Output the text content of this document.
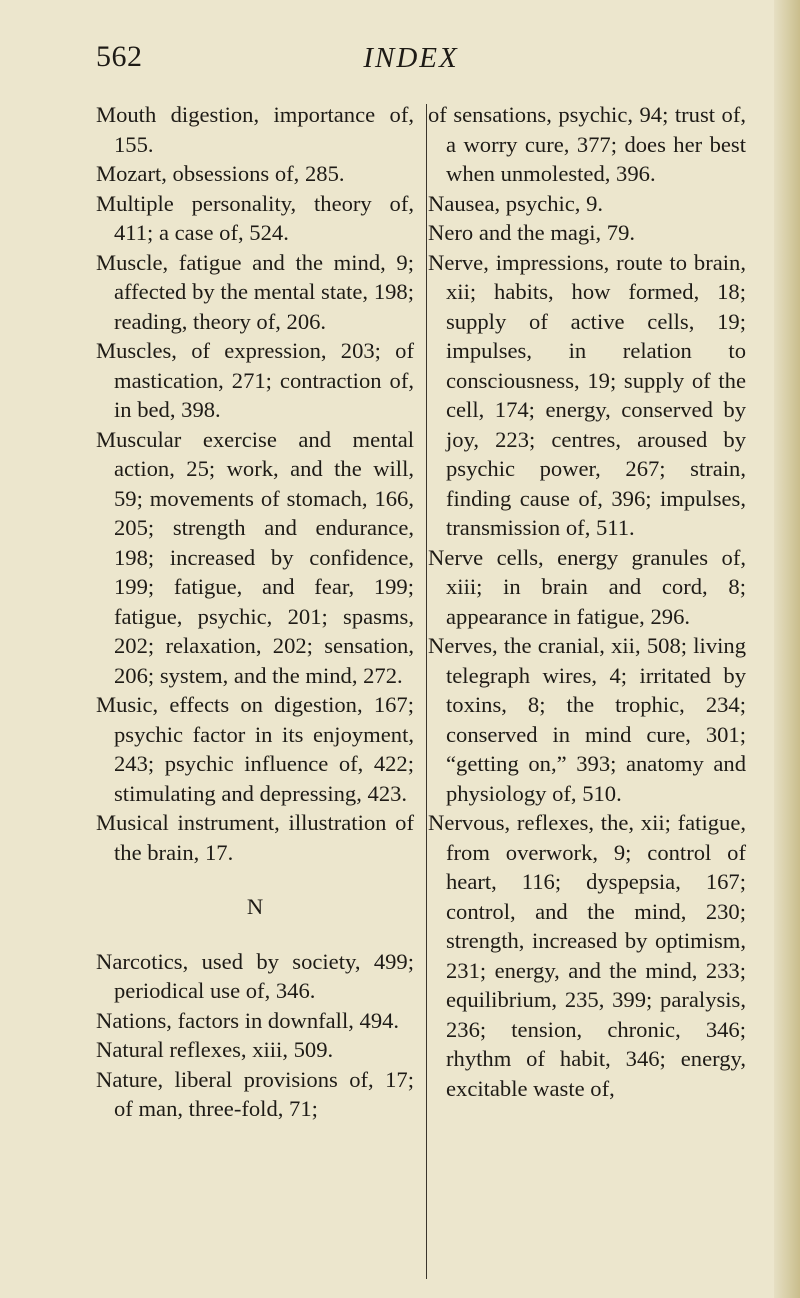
562	INDEX

Mouth digestion, importance of, 155.

Mozart, obsessions of, 285.

Multiple personality, theory of, 411; a case of, 524.

Muscle, fatigue and the mind, 9; affected by the mental state, 198; reading, theory of, 206.

Muscles, of expression, 203; of mastication, 271; contraction of, in bed, 398.

Muscular exercise and mental action, 25; work, and the will, 59; movements of stomach, 166, 205; strength and endurance, 198; increased by confidence, 199; fatigue, and fear, 199; fatigue, psychic, 201; spasms, 202; relaxation, 202; sensation, 206; system, and the mind, 272.

Music, effects on digestion, 167; psychic factor in its enjoyment, 243; psychic influence of, 422; stimulating and depressing, 423.

Musical instrument, illustration of the brain, 17.

N

Narcotics, used by society, 499; periodical use of, 346.

Nations, factors in downfall, 494.

Natural reflexes, xiii, 509.

Nature, liberal provisions of, 17; of man, three-fold, 71;

of sensations, psychic, 94; trust of, a worry cure, 377; does her best when unmolested, 396.

Nausea, psychic, 9.

Nero and the magi, 79.

Nerve, impressions, route to brain, xii; habits, how formed, 18; supply of active cells, 19; impulses, in relation to consciousness, 19; supply of the cell, 174; energy, conserved by joy, 223; centres, aroused by psychic power, 267; strain, finding cause of, 396; impulses, transmission of, 511.

Nerve cells, energy granules of, xiii; in brain and cord, 8; appearance in fatigue, 296.

Nerves, the cranial, xii, 508; living telegraph wires, 4; irritated by toxins, 8; the trophic, 234; conserved in mind cure, 301; “getting on,” 393; anatomy and physiology of, 510.

Nervous, reflexes, the, xii; fatigue, from overwork, 9; control of heart, 116; dyspepsia, 167; control, and the mind, 230; strength, increased by optimism, 231; energy, and the mind, 233; equilibrium, 235, 399; paralysis, 236; tension, chronic, 346; rhythm of habit, 346; energy, excitable waste of,
